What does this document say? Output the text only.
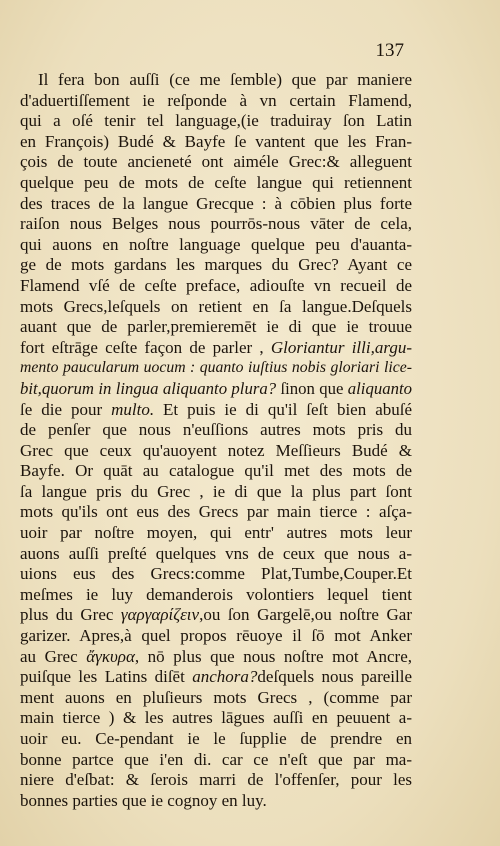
137
Il fera bon auſſi (ce me ſemble) que par maniere
d'aduertiſſement ie reſponde à vn certain Flamend,
qui a oſé tenir tel language,(ie traduiray ſon Latin
en François) Budé & Bayfe ſe vantent que les Fran-
çois de toute ancieneté ont aiméle Grec:& alleguent
quelque peu de mots de ceſte langue qui retiennent
des traces de la langue Grecque : à cōbien plus forte
raiſon nous Belges nous pourrōs-nous vāter de cela,
qui auons en noſtre language quelque peu d'auanta-
ge de mots gardans les marques du Grec? Ayant ce
Flamend vſé de ceſte preface, adiouſte vn recueil de
mots Grecs,leſquels on retient en ſa langue.Deſquels
auant que de parler,premieremēt ie di que ie trouue
fort eſtrāge ceſte façon de parler , Gloriantur illi,argu-
mento paucularum uocum : quanto iuſtius nobis gloriari lice-
bit,quorum in lingua aliquanto plura? ſinon que aliquanto
ſe die pour multo. Et puis ie di qu'il ſeſt bien abuſé
de penſer que nous n'euſſions autres mots pris du
Grec que ceux qu'auoyent notez Meſſieurs Budé &
Bayfe. Or quāt au catalogue qu'il met des mots de
ſa langue pris du Grec , ie di que la plus part ſont
mots qu'ils ont eus des Grecs par main tierce : aſça-
uoir par noſtre moyen, qui entr' autres mots leur
auons auſſi preſté quelques vns de ceux que nous a-
uions eus des Grecs:comme Plat,Tumbe,Couper.Et
meſmes ie luy demanderois volontiers lequel tient
plus du Grec γαργαρίζειν,ou ſon Gargelē,ou noſtre Gar
garizer. Apres,à quel propos rēuoye il ſō mot Anker
au Grec ἄγκυρα, nō plus que nous noſtre mot Ancre,
puiſque les Latins diſēt anchora?deſquels nous pareille
ment auons en pluſieurs mots Grecs , (comme par
main tierce ) & les autres lāgues auſſi en peuuent a-
uoir eu. Ce-pendant ie le ſupplie de prendre en
bonne partce que i'en di. car ce n'eſt que par ma-
niere d'eſbat: & ſerois marri de l'offenſer, pour les
bonnes parties que ie cognoy en luy.
